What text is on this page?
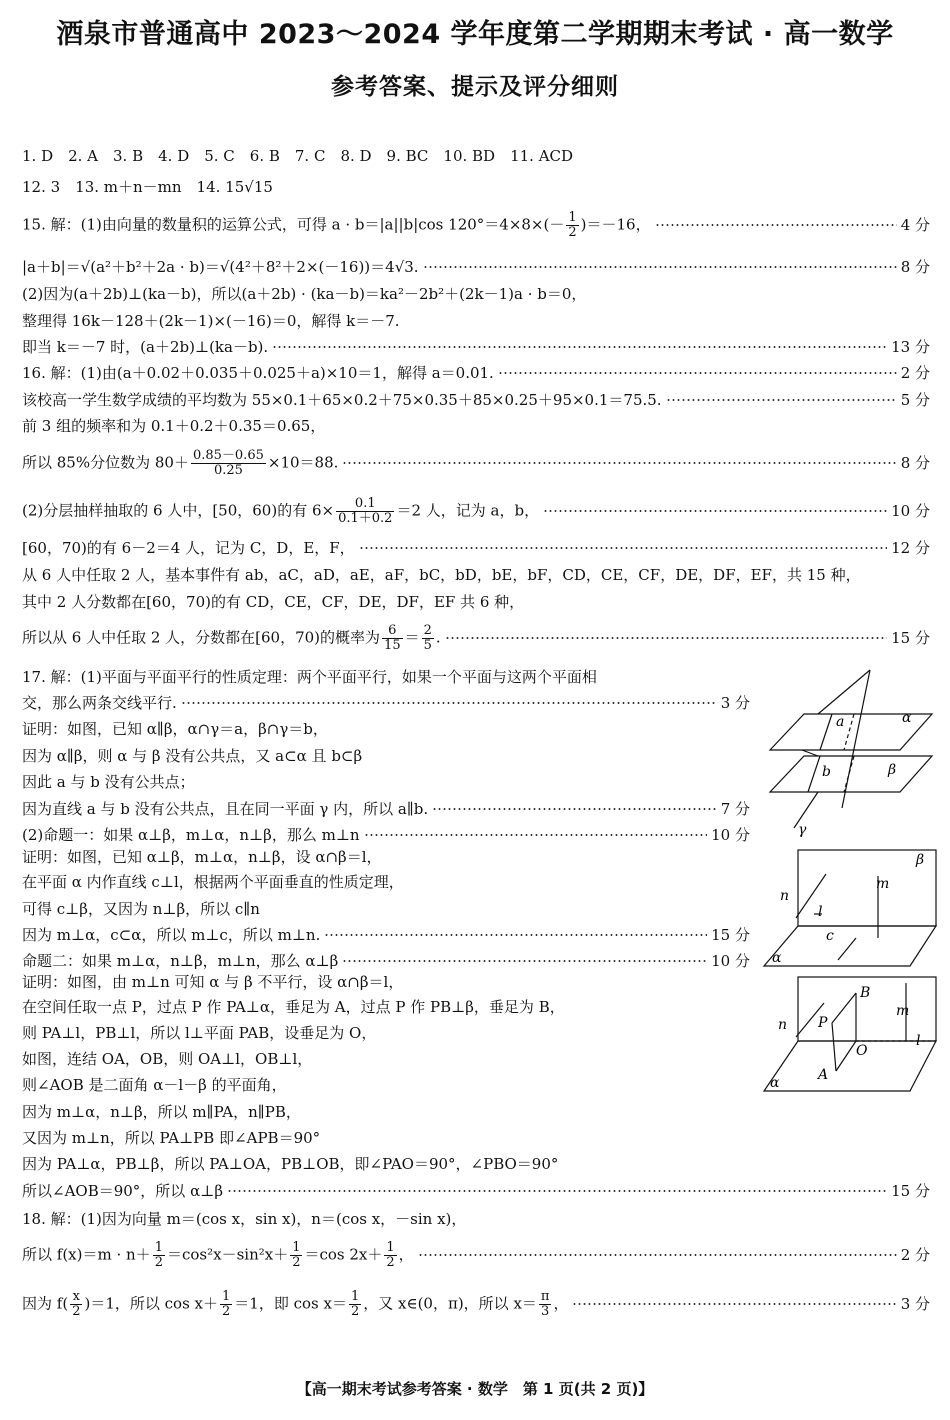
酒泉市普通高中 2023～2024 学年度第二学期期末考试 · 高一数学
参考答案、提示及评分细则
1. D　2. A　3. B　4. D　5. C　6. B　7. C　8. D　9. BC　10. BD　11. ACD
12. 3　13. m＋n－mn　14. 15√15
15. 解：(1)由向量的数量积的运算公式，可得 a · b＝|a||b|cos $120^\circ=4\times 8\times(- \frac{1}{2} )=-16$，	4 分
|a＋b|＝√(a²＋b²＋2a · b)＝√(4²＋8²＋2×(－16))＝4√3.	8 分
(2)因为(a＋2b)⊥(ka－b)，所以(a＋2b) · (ka－b)＝ka²－2b²＋(2k－1)a · b＝0，
整理得 16k－128＋(2k－1)×(－16)＝0，解得 k＝－7.
即当 k＝－7 时，(a＋2b)⊥(ka－b).	13 分
16. 解：(1)由(a＋0.02＋0.035＋0.025＋a)×10＝1，解得 a＝0.01.	2 分
该校高一学生数学成绩的平均数为 55×0.1＋65×0.2＋75×0.35＋85×0.25＋95×0.1＝75.5.	5 分
前 3 组的频率和为 0.1＋0.2＋0.35＝0.65，
所以 85%分位数为 $80+ \frac{0.85-0.65}{0.25} \times 10=88$.	8 分
(2)分层抽样抽取的 6 人中，[50，60)的有 $6\times \frac{0.1}{0.1+0.2} =2$ 人，记为 a，b，	10 分
[60，70)的有 6－2＝4 人，记为 C，D，E，F，	12 分
从 6 人中任取 2 人，基本事件有 ab，aC，aD，aE，aF，bC，bD，bE，bF，CD，CE，CF，DE，DF，EF，共 15 种，
其中 2 人分数都在[60，70)的有 CD，CE，CF，DE，DF，EF 共 6 种，
所以从 6 人中任取 2 人，分数都在[60，70)的概率为 $\frac{6}{15} = \frac{2}{5}$ .	15 分
17. 解：(1)平面与平面平行的性质定理：两个平面平行，如果一个平面与这两个平面相
交，那么两条交线平行.	3 分
证明：如图，已知 α∥β，α∩γ＝a，β∩γ＝b，
因为 α∥β，则 α 与 β 没有公共点，又 a⊂α 且 b⊂β
因此 a 与 b 没有公共点；
因为直线 a 与 b 没有公共点，且在同一平面 γ 内，所以 a∥b.	7 分
(2)命题一：如果 α⊥β，m⊥α，n⊥β，那么 m⊥n	10 分
证明：如图，已知 α⊥β，m⊥α，n⊥β，设 α∩β＝l，
在平面 α 内作直线 c⊥l，根据两个平面垂直的性质定理，
可得 c⊥β，又因为 n⊥β，所以 c∥n
因为 m⊥α，c⊂α，所以 m⊥c，所以 m⊥n.	15 分
命题二：如果 m⊥α，n⊥β，m⊥n，那么 α⊥β	10 分
证明：如图，由 m⊥n 可知 α 与 β 不平行，设 α∩β＝l，
在空间任取一点 P，过点 P 作 PA⊥α，垂足为 A，过点 P 作 PB⊥β，垂足为 B，
则 PA⊥l，PB⊥l，所以 l⊥平面 PAB，设垂足为 O，
如图，连结 OA，OB，则 OA⊥l，OB⊥l，
则∠AOB 是二面角 α－l－β 的平面角，
因为 m⊥α，n⊥β，所以 m∥PA，n∥PB，
又因为 m⊥n，所以 PA⊥PB 即∠APB＝90°
因为 PA⊥α，PB⊥β，所以 PA⊥OA，PB⊥OB，即∠PAO＝90°，∠PBO＝90°
所以∠AOB＝90°，所以 α⊥β	15 分
18. 解：(1)因为向量 m＝(cos x，sin x)，n＝(cos x，－sin x)，
所以 $f(x)=m \cdot n+ \frac{1}{2} =\cos^2x-\sin^2x+ \frac{1}{2} =\cos$ $2x+ \frac{1}{2}$ ，	2 分
因为 $f( \frac{x}{2} )=1$，所以 $\cos x+ \frac{1}{2} =1$，即 $\cos x= \frac{1}{2}$ ，又 x∈(0，π)，所以 $x= \frac{\pi}{3}$ ，	3 分
α
a
β
b
γ
β
m
n
l
c
α
B
m
n P
O
l
A
α
【高一期末考试参考答案 · 数学　第 1 页(共 2 页)】
